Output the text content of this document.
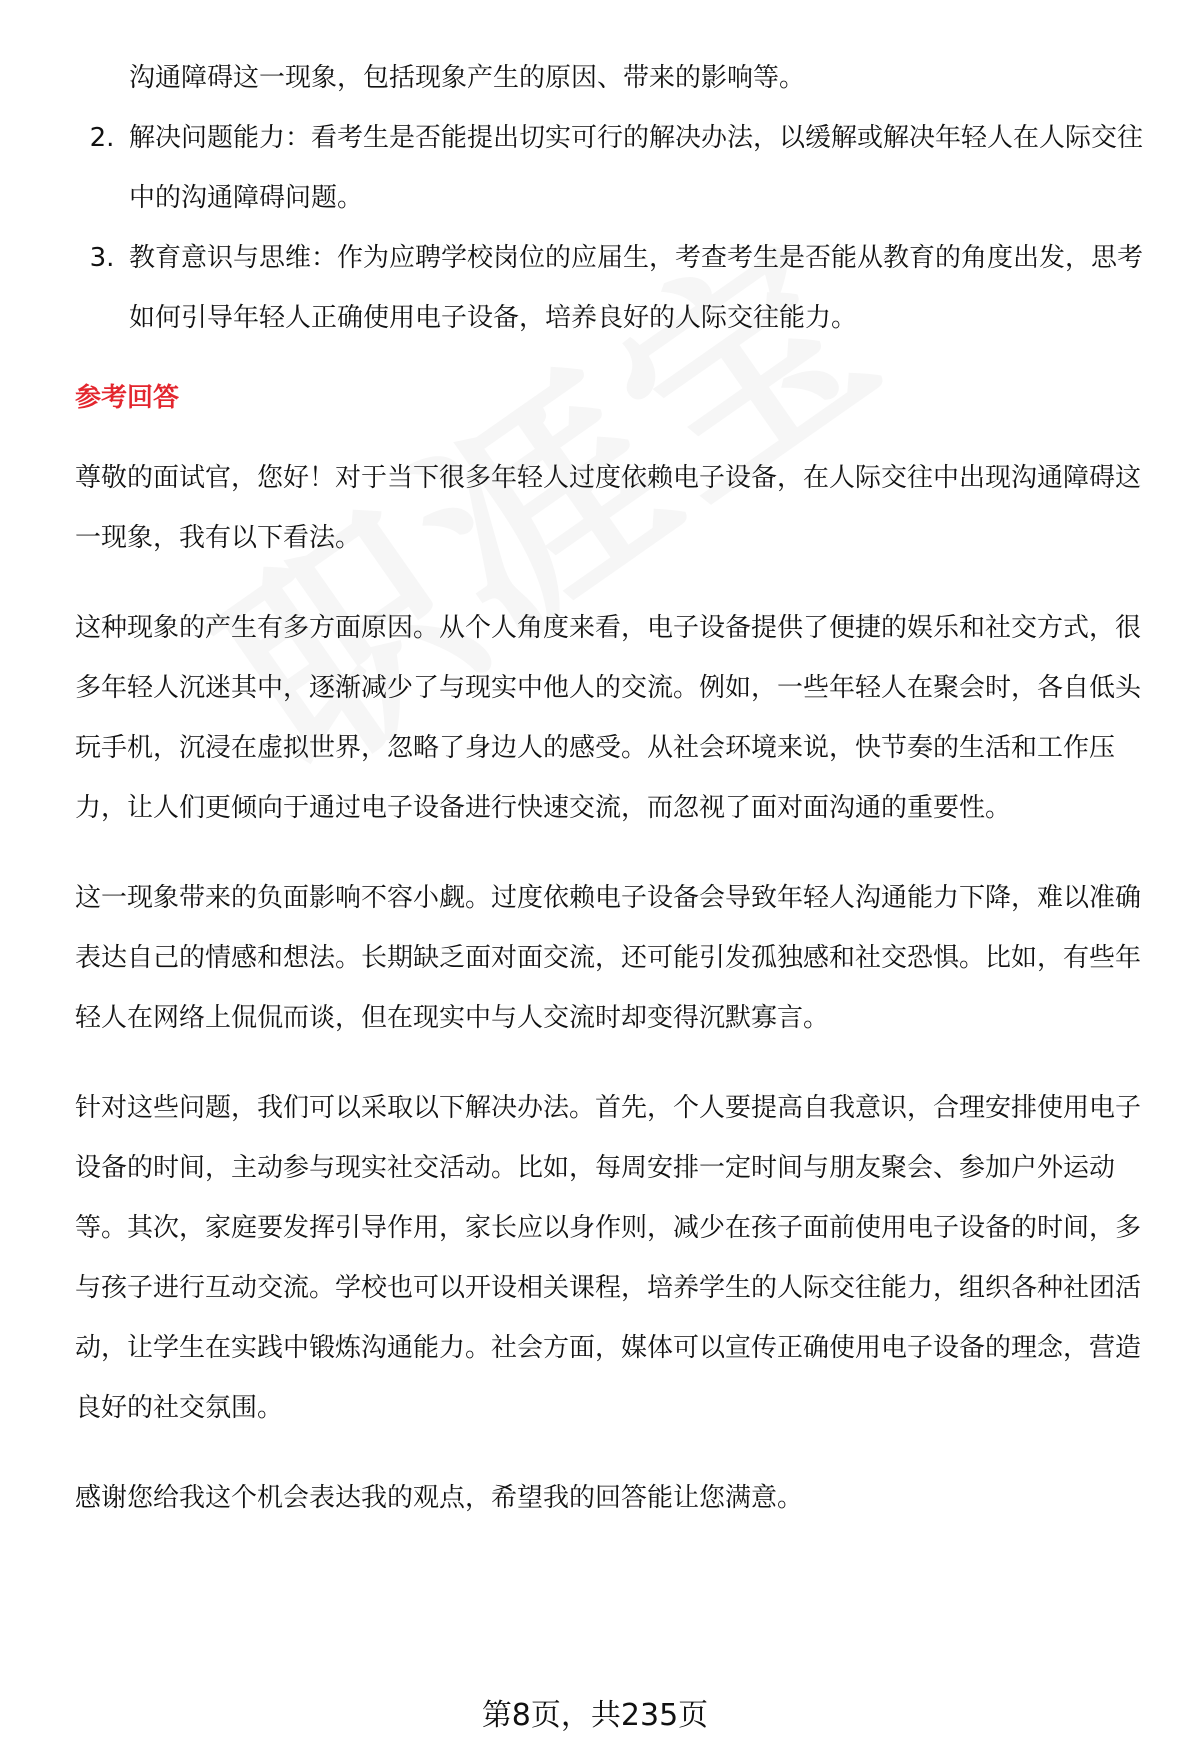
沟通障碍这一现象，包括现象产生的原因、带来的影响等。
2. 解决问题能力：看考生是否能提出切实可行的解决办法，以缓解或解决年轻人在人际交往中的沟通障碍问题。
3. 教育意识与思维：作为应聘学校岗位的应届生，考查考生是否能从教育的角度出发，思考如何引导年轻人正确使用电子设备，培养良好的人际交往能力。
参考回答

尊敬的面试官，您好！对于当下很多年轻人过度依赖电子设备，在人际交往中出现沟通障碍这一现象，我有以下看法。

这种现象的产生有多方面原因。从个人角度来看，电子设备提供了便捷的娱乐和社交方式，很多年轻人沉迷其中，逐渐减少了与现实中他人的交流。例如，一些年轻人在聚会时，各自低头玩手机，沉浸在虚拟世界，忽略了身边人的感受。从社会环境来说，快节奏的生活和工作压力，让人们更倾向于通过电子设备进行快速交流，而忽视了面对面沟通的重要性。

这一现象带来的负面影响不容小觑。过度依赖电子设备会导致年轻人沟通能力下降，难以准确表达自己的情感和想法。长期缺乏面对面交流，还可能引发孤独感和社交恐惧。比如，有些年轻人在网络上侃侃而谈，但在现实中与人交流时却变得沉默寡言。

针对这些问题，我们可以采取以下解决办法。首先，个人要提高自我意识，合理安排使用电子设备的时间，主动参与现实社交活动。比如，每周安排一定时间与朋友聚会、参加户外运动等。其次，家庭要发挥引导作用，家长应以身作则，减少在孩子面前使用电子设备的时间，多与孩子进行互动交流。学校也可以开设相关课程，培养学生的人际交往能力，组织各种社团活动，让学生在实践中锻炼沟通能力。社会方面，媒体可以宣传正确使用电子设备的理念，营造良好的社交氛围。

感谢您给我这个机会表达我的观点，希望我的回答能让您满意。

第8页，共235页
